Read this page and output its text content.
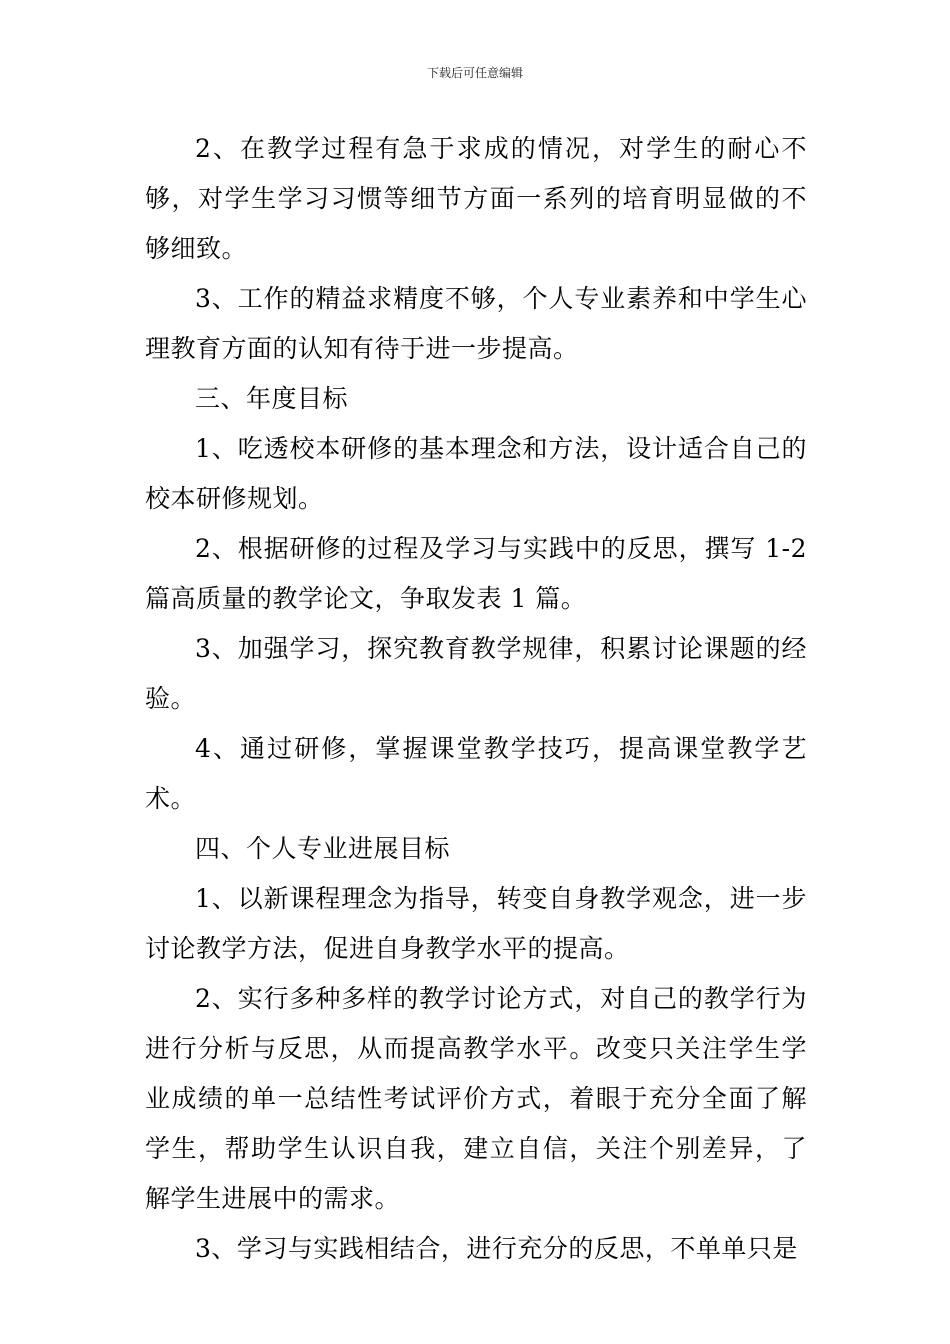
下载后可任意编辑

2、在教学过程有急于求成的情况，对学生的耐心不够，对学生学习习惯等细节方面一系列的培育明显做的不够细致。

3、工作的精益求精度不够，个人专业素养和中学生心理教育方面的认知有待于进一步提高。

三、年度目标

1、吃透校本研修的基本理念和方法，设计适合自己的校本研修规划。

2、根据研修的过程及学习与实践中的反思，撰写 1-2 篇高质量的教学论文，争取发表 1 篇。

3、加强学习，探究教育教学规律，积累讨论课题的经验。

4、通过研修，掌握课堂教学技巧，提高课堂教学艺术。

四、个人专业进展目标

1、以新课程理念为指导，转变自身教学观念，进一步讨论教学方法，促进自身教学水平的提高。

2、实行多种多样的教学讨论方式，对自己的教学行为进行分析与反思，从而提高教学水平。改变只关注学生学业成绩的单一总结性考试评价方式，着眼于充分全面了解学生，帮助学生认识自我，建立自信，关注个别差异，了解学生进展中的需求。

3、学习与实践相结合，进行充分的反思，不单单只是
